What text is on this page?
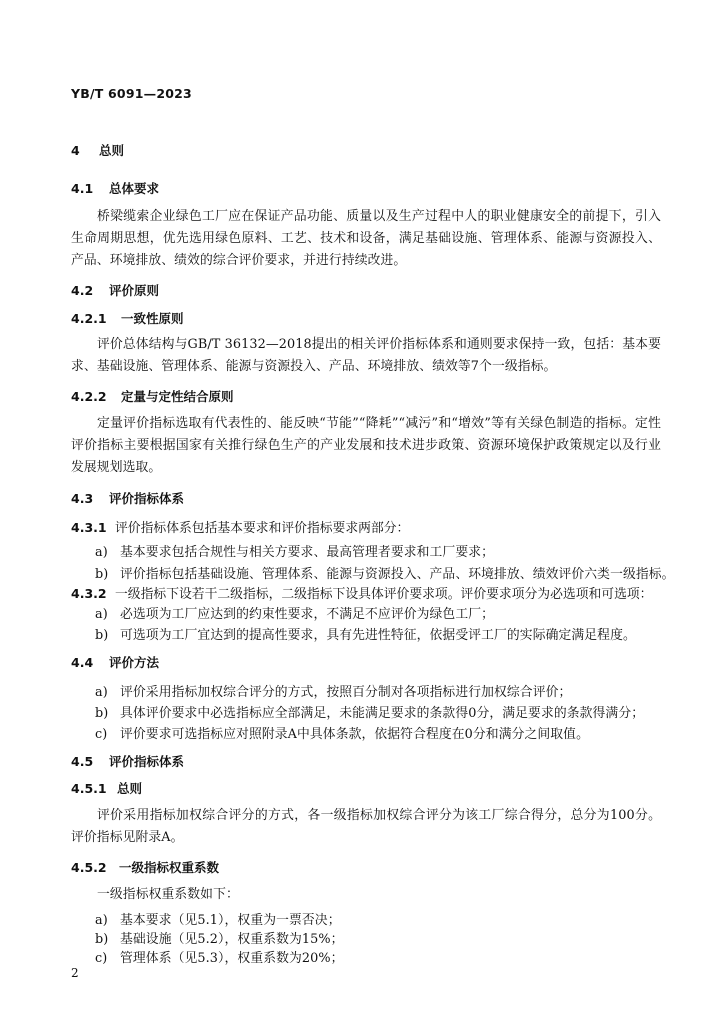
YB/T 6091—2023
4 总则
4.1 总体要求
桥梁缆索企业绿色工厂应在保证产品功能、质量以及生产过程中人的职业健康安全的前提下，引入生命周期思想，优先选用绿色原料、工艺、技术和设备，满足基础设施、管理体系、能源与资源投入、产品、环境排放、绩效的综合评价要求，并进行持续改进。
4.2 评价原则
4.2.1 一致性原则
评价总体结构与GB/T 36132—2018提出的相关评价指标体系和通则要求保持一致，包括：基本要求、基础设施、管理体系、能源与资源投入、产品、环境排放、绩效等7个一级指标。
4.2.2 定量与定性结合原则
定量评价指标选取有代表性的、能反映“节能”“降耗”“减污”和“增效”等有关绿色制造的指标。定性评价指标主要根据国家有关推行绿色生产的产业发展和技术进步政策、资源环境保护政策规定以及行业发展规划选取。
4.3 评价指标体系
4.3.1 评价指标体系包括基本要求和评价指标要求两部分：
a) 基本要求包括合规性与相关方要求、最高管理者要求和工厂要求；
b) 评价指标包括基础设施、管理体系、能源与资源投入、产品、环境排放、绩效评价六类一级指标。
4.3.2 一级指标下设若干二级指标，二级指标下设具体评价要求项。评价要求项分为必选项和可选项：
a) 必选项为工厂应达到的约束性要求，不满足不应评价为绿色工厂；
b) 可选项为工厂宜达到的提高性要求，具有先进性特征，依据受评工厂的实际确定满足程度。
4.4 评价方法
a) 评价采用指标加权综合评分的方式，按照百分制对各项指标进行加权综合评价；
b) 具体评价要求中必选指标应全部满足，未能满足要求的条款得0分，满足要求的条款得满分；
c) 评价要求可选指标应对照附录A中具体条款，依据符合程度在0分和满分之间取值。
4.5 评价指标体系
4.5.1 总则
评价采用指标加权综合评分的方式，各一级指标加权综合评分为该工厂综合得分，总分为100分。评价指标见附录A。
4.5.2 一级指标权重系数
一级指标权重系数如下：
a) 基本要求（见5.1），权重为一票否决；
b) 基础设施（见5.2），权重系数为15%；
c) 管理体系（见5.3），权重系数为20%；
2
